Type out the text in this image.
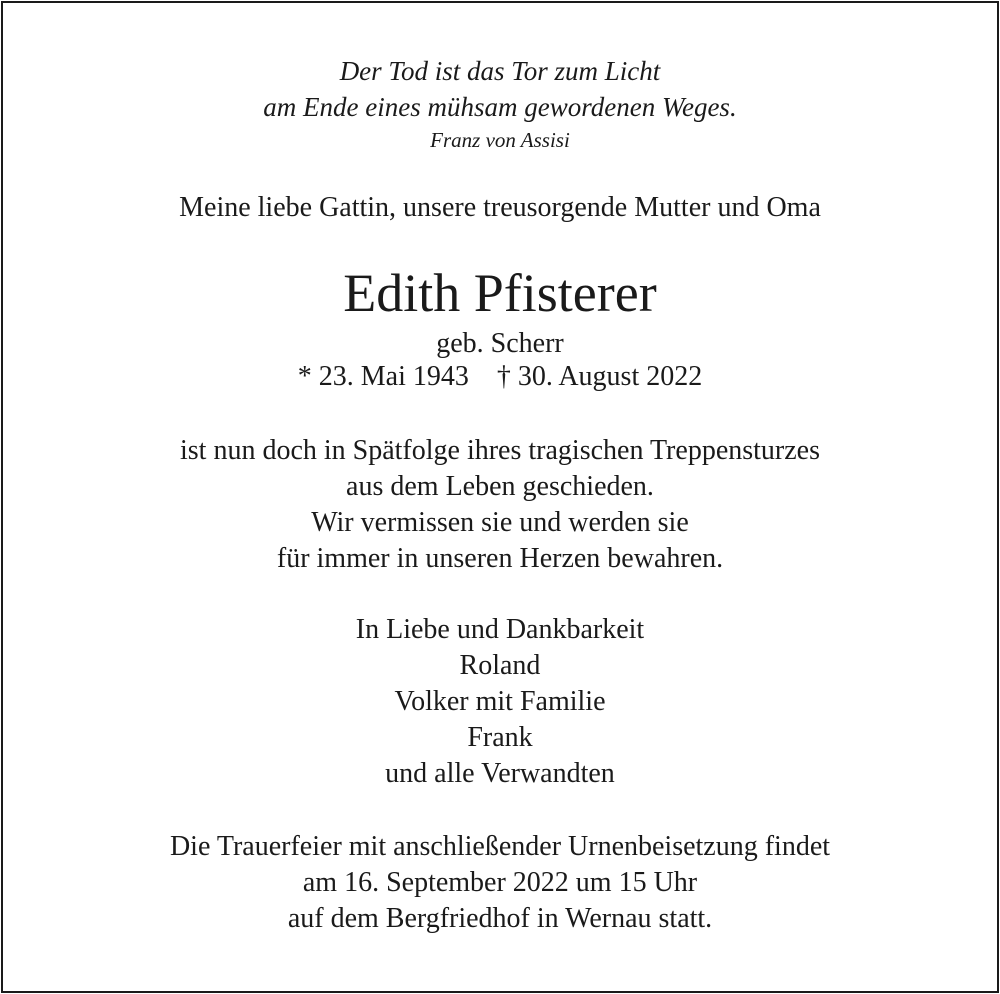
Der Tod ist das Tor zum Licht

am Ende eines mühsam gewordenen Weges.

Franz von Assisi

Meine liebe Gattin, unsere treusorgende Mutter und Oma

Edith Pfisterer

geb. Scherr

* 23. Mai 1943    † 30. August 2022

ist nun doch in Spätfolge ihres tragischen Treppensturzes

aus dem Leben geschieden.

Wir vermissen sie und werden sie

für immer in unseren Herzen bewahren.

In Liebe und Dankbarkeit

Roland

Volker mit Familie

Frank

und alle Verwandten

Die Trauerfeier mit anschließender Urnenbeisetzung findet

am 16. September 2022 um 15 Uhr

auf dem Bergfriedhof in Wernau statt.
